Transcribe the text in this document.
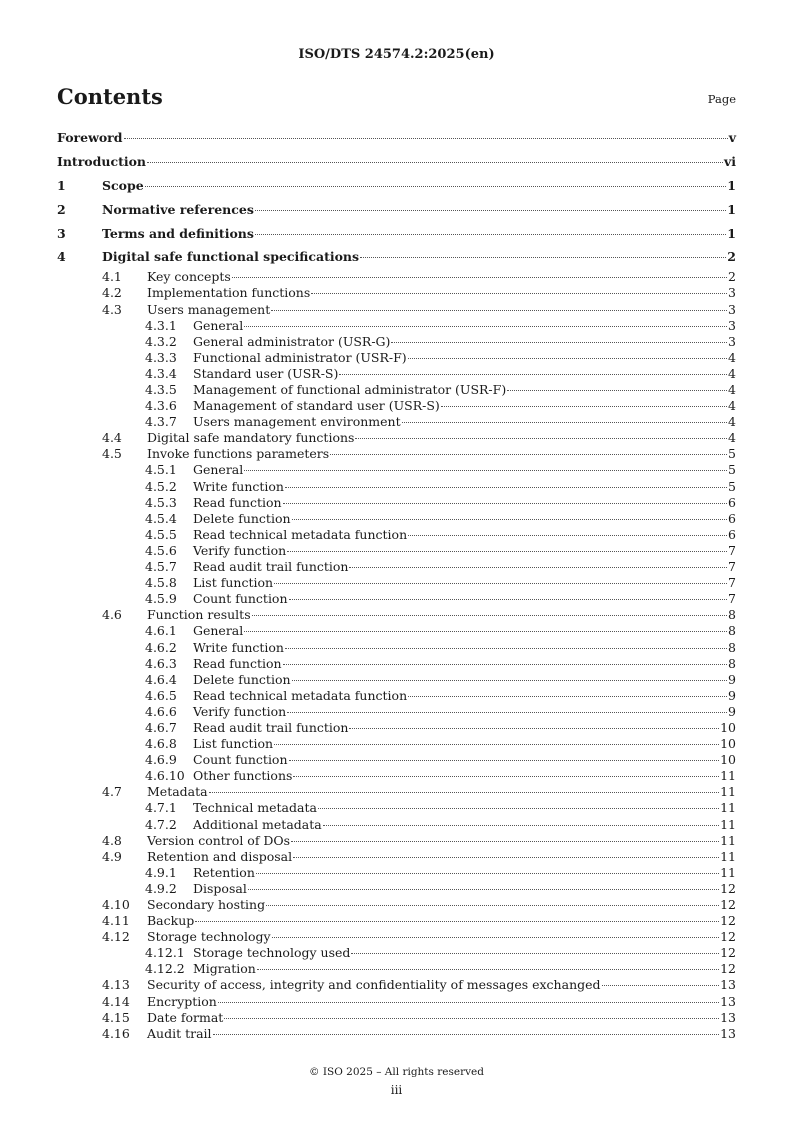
ISO/DTS 24574.2:2025(en)
Contents	Page
Foreword	v
Introduction	vi
1	Scope	1
2	Normative references	1
3	Terms and definitions	1
4	Digital safe functional specifications	2
4.1	Key concepts	2
4.2	Implementation functions	3
4.3	Users management	3
4.3.1	General	3
4.3.2	General administrator (USR-G)	3
4.3.3	Functional administrator (USR-F)	4
4.3.4	Standard user (USR-S)	4
4.3.5	Management of functional administrator (USR-F)	4
4.3.6	Management of standard user (USR-S)	4
4.3.7	Users management environment	4
4.4	Digital safe mandatory functions	4
4.5	Invoke functions parameters	5
4.5.1	General	5
4.5.2	Write function	5
4.5.3	Read function	6
4.5.4	Delete function	6
4.5.5	Read technical metadata function	6
4.5.6	Verify function	7
4.5.7	Read audit trail function	7
4.5.8	List function	7
4.5.9	Count function	7
4.6	Function results	8
4.6.1	General	8
4.6.2	Write function	8
4.6.3	Read function	8
4.6.4	Delete function	9
4.6.5	Read technical metadata function	9
4.6.6	Verify function	9
4.6.7	Read audit trail function	10
4.6.8	List function	10
4.6.9	Count function	10
4.6.10 Other functions	11
4.7	Metadata	11
4.7.1	Technical metadata	11
4.7.2	Additional metadata	11
4.8	Version control of DOs	11
4.9	Retention and disposal	11
4.9.1	Retention	11
4.9.2	Disposal	12
4.10	Secondary hosting	12
4.11	Backup	12
4.12	Storage technology	12
4.12.1 Storage technology used	12
4.12.2 Migration	12
4.13	Security of access, integrity and confidentiality of messages exchanged	13
4.14	Encryption	13
4.15	Date format	13
4.16	Audit trail	13
© ISO 2025 – All rights reserved
iii
